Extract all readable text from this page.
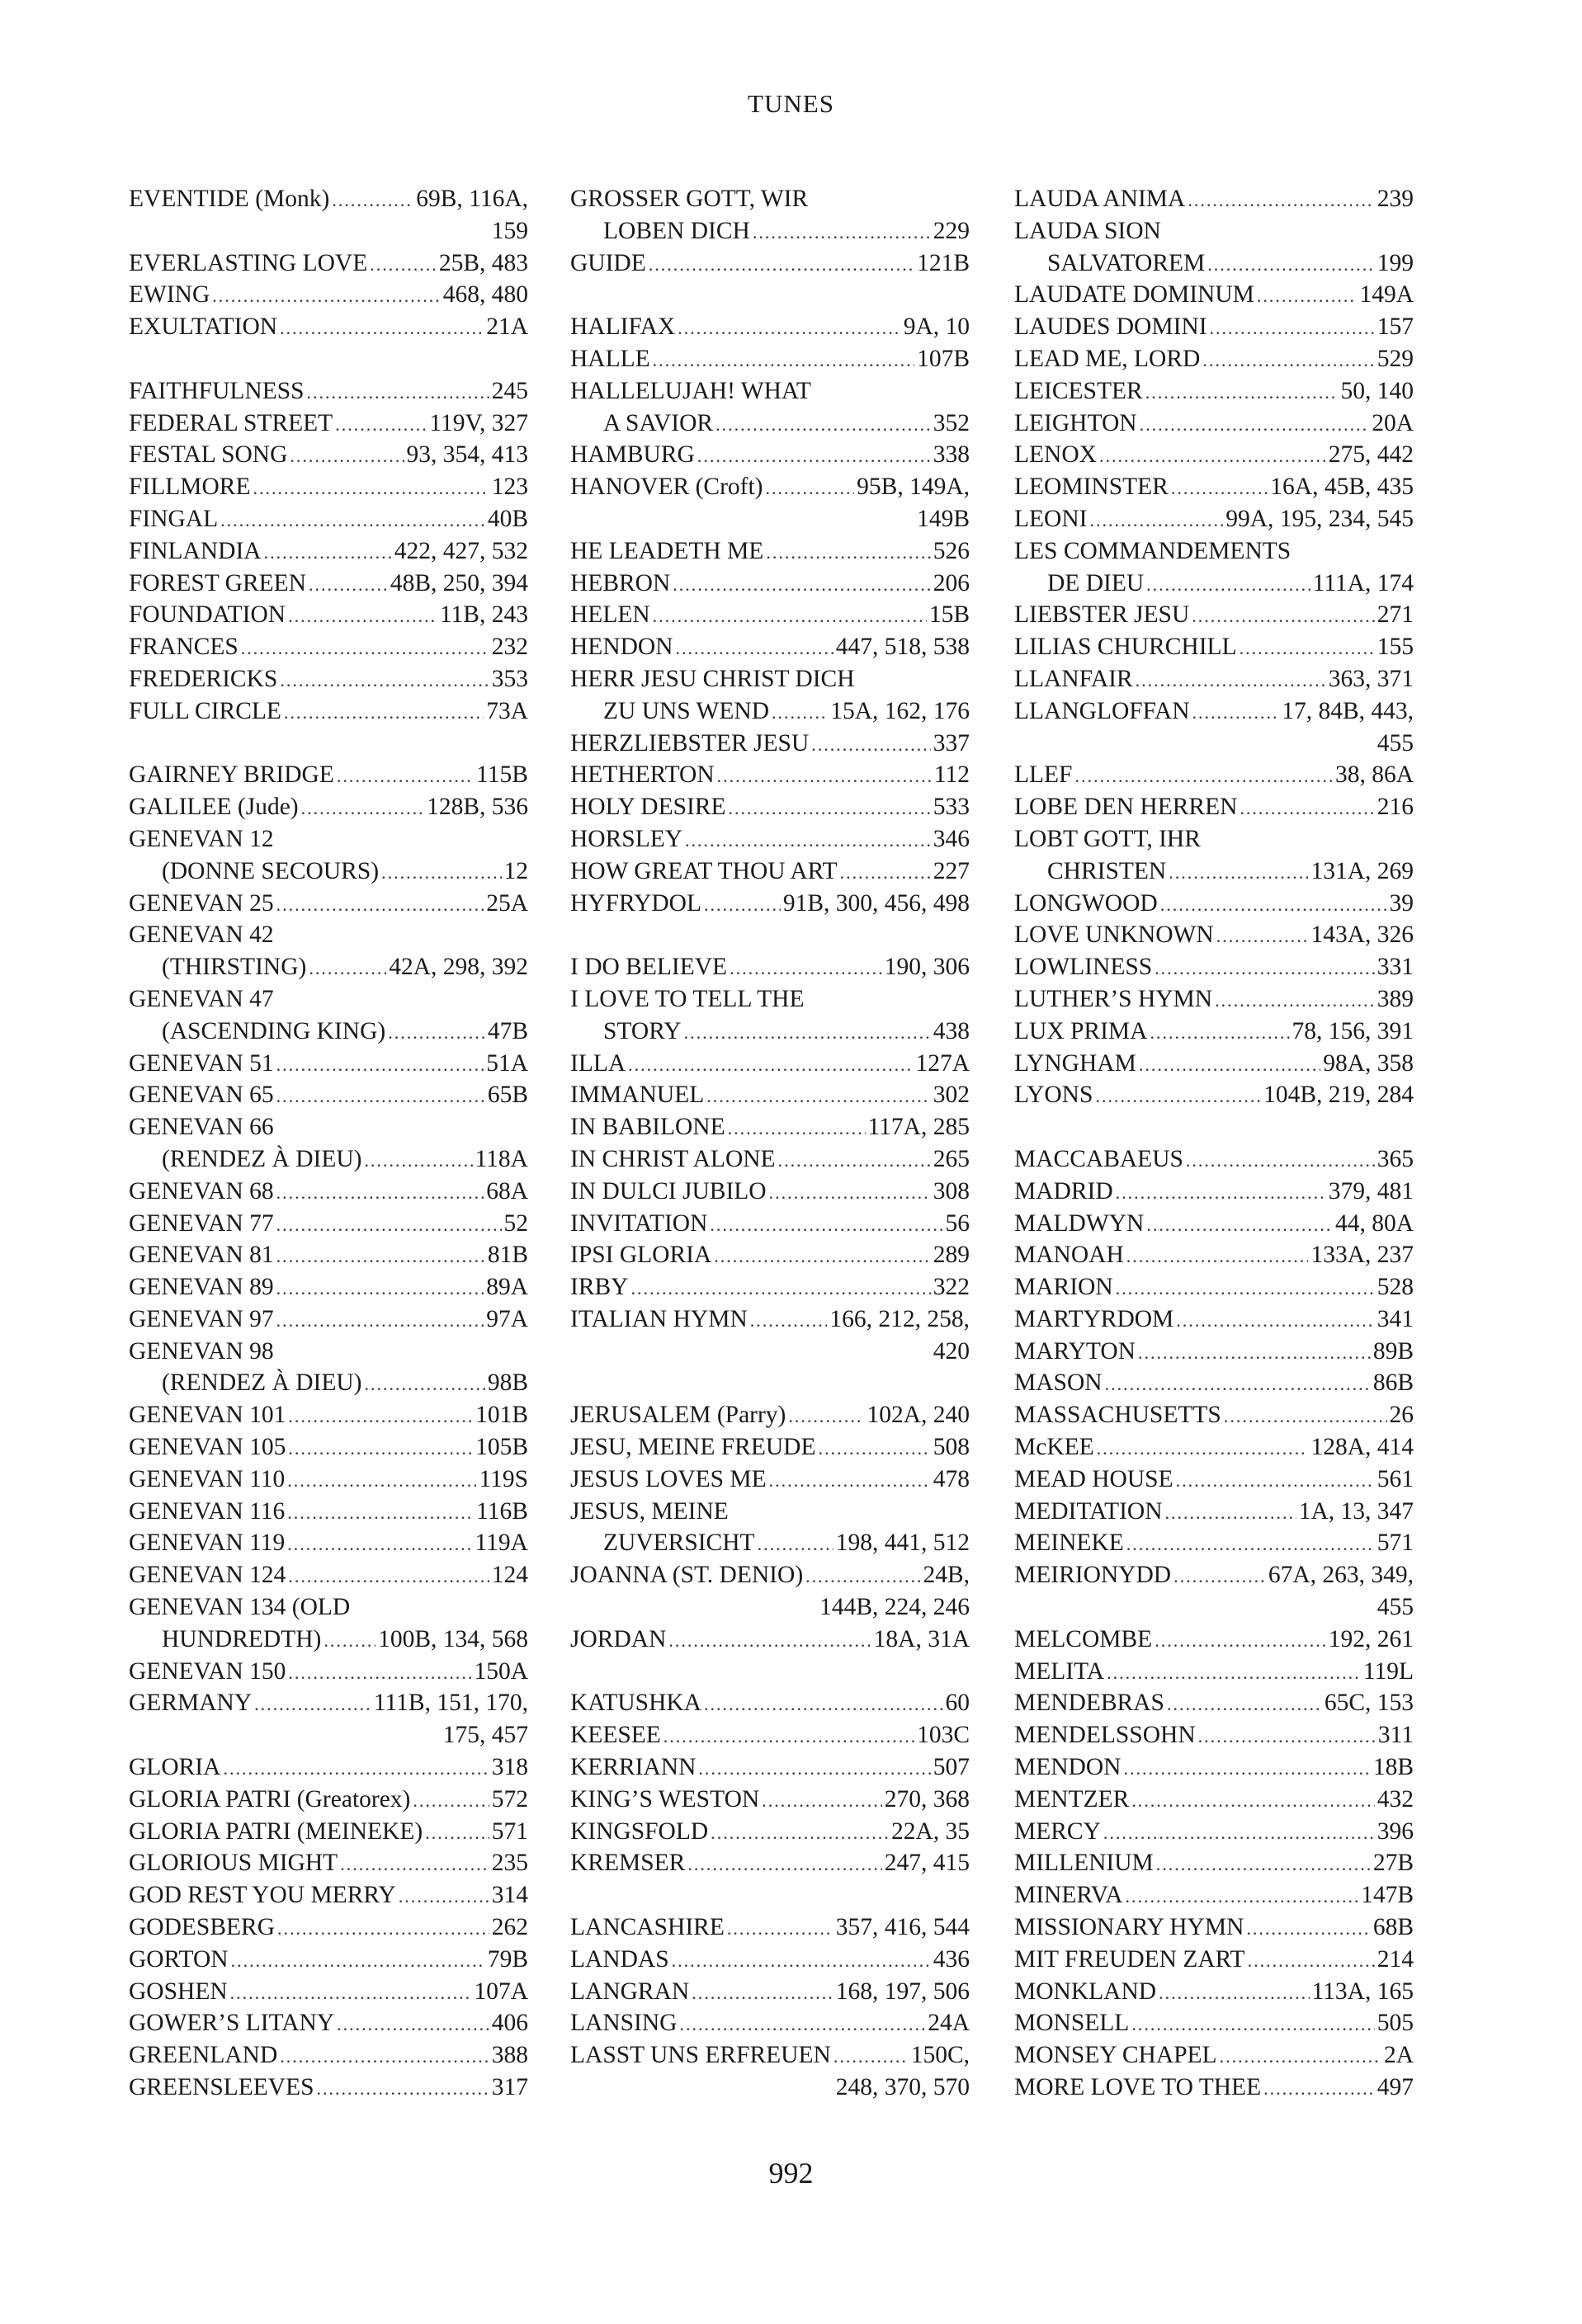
TUNES
EVENTIDE (Monk) .....	69B, 116A,
159
EVERLASTING LOVE .....	25B, 483
EWING .....	468, 480
EXULTATION .....	21A
FAITHFULNESS .....	245
FEDERAL STREET .....	119V, 327
FESTAL SONG .....	93, 354, 413
FILLMORE .....	123
FINGAL .....	40B
FINLANDIA .....	422, 427, 532
FOREST GREEN .....	48B, 250, 394
FOUNDATION .....	11B, 243
FRANCES .....	232
FREDERICKS .....	353
FULL CIRCLE .....	73A
GAIRNEY BRIDGE .....	115B
GALILEE (Jude) .....	128B, 536
GENEVAN 12
(DONNE SECOURS) .....	12
GENEVAN 25 .....	25A
GENEVAN 42
(THIRSTING) .....	42A, 298, 392
GENEVAN 47
(ASCENDING KING) .....	47B
GENEVAN 51 .....	51A
GENEVAN 65 .....	65B
GENEVAN 66
(RENDEZ À DIEU) .....	118A
GENEVAN 68 .....	68A
GENEVAN 77 .....	52
GENEVAN 81 .....	81B
GENEVAN 89 .....	89A
GENEVAN 97 .....	97A
GENEVAN 98
(RENDEZ À DIEU) .....	98B
GENEVAN 101 .....	101B
GENEVAN 105 .....	105B
GENEVAN 110 .....	119S
GENEVAN 116 .....	116B
GENEVAN 119 .....	119A
GENEVAN 124 .....	124
GENEVAN 134 (OLD
HUNDREDTH) ..... 100B, 134, 568
GENEVAN 150 .....	150A
GERMANY .....	111B, 151, 170,
175, 457
GLORIA .....	318
GLORIA PATRI (Greatorex) .....	572
GLORIA PATRI (MEINEKE) .....	571
GLORIOUS MIGHT .....	235
GOD REST YOU MERRY .....	314
GODESBERG .....	262
GORTON .....	79B
GOSHEN .....	107A
GOWER’S LITANY .....	406
GREENLAND .....	388
GREENSLEEVES .....	317
GROSSER GOTT, WIR
LOBEN DICH .....	229
GUIDE .....	121B
HALIFAX .....	9A, 10
HALLE .....	107B
HALLELUJAH! WHAT
A SAVIOR .....	352
HAMBURG .....	338
HANOVER (Croft) .....	95B, 149A,
149B
HE LEADETH ME .....	526
HEBRON .....	206
HELEN .....	15B
HENDON .....	447, 518, 538
HERR JESU CHRIST DICH
ZU UNS WEND .....	15A, 162, 176
HERZLIEBSTER JESU .....	337
HETHERTON .....	112
HOLY DESIRE .....	533
HORSLEY .....	346
HOW GREAT THOU ART .....	227
HYFRYDOL .....	91B, 300, 456, 498
I DO BELIEVE .....	190, 306
I LOVE TO TELL THE
STORY .....	438
ILLA .....	127A
IMMANUEL .....	302
IN BABILONE .....	117A, 285
IN CHRIST ALONE .....	265
IN DULCI JUBILO .....	308
INVITATION .....	56
IPSI GLORIA .....	289
IRBY .....	322
ITALIAN HYMN .....	166, 212, 258,
420
JERUSALEM (Parry) .....	102A, 240
JESU, MEINE FREUDE .....	508
JESUS LOVES ME .....	478
JESUS, MEINE
ZUVERSICHT .....	198, 441, 512
JOANNA (ST. DENIO) .....	24B,
144B, 224, 246
JORDAN .....	18A, 31A
KATUSHKA .....	60
KEESEE .....	103C
KERRIANN .....	507
KING’S WESTON .....	270, 368
KINGSFOLD .....	22A, 35
KREMSER .....	247, 415
LANCASHIRE .....	357, 416, 544
LANDAS .....	436
LANGRAN .....	168, 197, 506
LANSING .....	24A
LASST UNS ERFREUEN .....	150C,
248, 370, 570
LAUDA ANIMA .....	239
LAUDA SION
SALVATOREM .....	199
LAUDATE DOMINUM .....	149A
LAUDES DOMINI .....	157
LEAD ME, LORD .....	529
LEICESTER .....	50, 140
LEIGHTON .....	20A
LENOX .....	275, 442
LEOMINSTER .....	16A, 45B, 435
LEONI .....	99A, 195, 234, 545
LES COMMANDEMENTS
DE DIEU .....	111A, 174
LIEBSTER JESU .....	271
LILIAS CHURCHILL .....	155
LLANFAIR .....	363, 371
LLANGLOFFAN .....	17, 84B, 443,
455
LLEF .....	38, 86A
LOBE DEN HERREN .....	216
LOBT GOTT, IHR
CHRISTEN .....	131A, 269
LONGWOOD .....	39
LOVE UNKNOWN .....	143A, 326
LOWLINESS .....	331
LUTHER’S HYMN .....	389
LUX PRIMA .....	78, 156, 391
LYNGHAM .....	98A, 358
LYONS .....	104B, 219, 284
MACCABAEUS .....	365
MADRID .....	379, 481
MALDWYN .....	44, 80A
MANOAH .....	133A, 237
MARION .....	528
MARTYRDOM .....	341
MARYTON .....	89B
MASON .....	86B
MASSACHUSETTS .....	26
McKEE .....	128A, 414
MEAD HOUSE .....	561
MEDITATION .....	1A, 13, 347
MEINEKE .....	571
MEIRIONYDD .....	67A, 263, 349,
455
MELCOMBE .....	192, 261
MELITA .....	119L
MENDEBRAS .....	65C, 153
MENDELSSOHN .....	311
MENDON .....	18B
MENTZER .....	432
MERCY .....	396
MILLENIUM .....	27B
MINERVA .....	147B
MISSIONARY HYMN .....	68B
MIT FREUDEN ZART .....	214
MONKLAND .....	113A, 165
MONSELL .....	505
MONSEY CHAPEL .....	2A
MORE LOVE TO THEE .....	497
992
